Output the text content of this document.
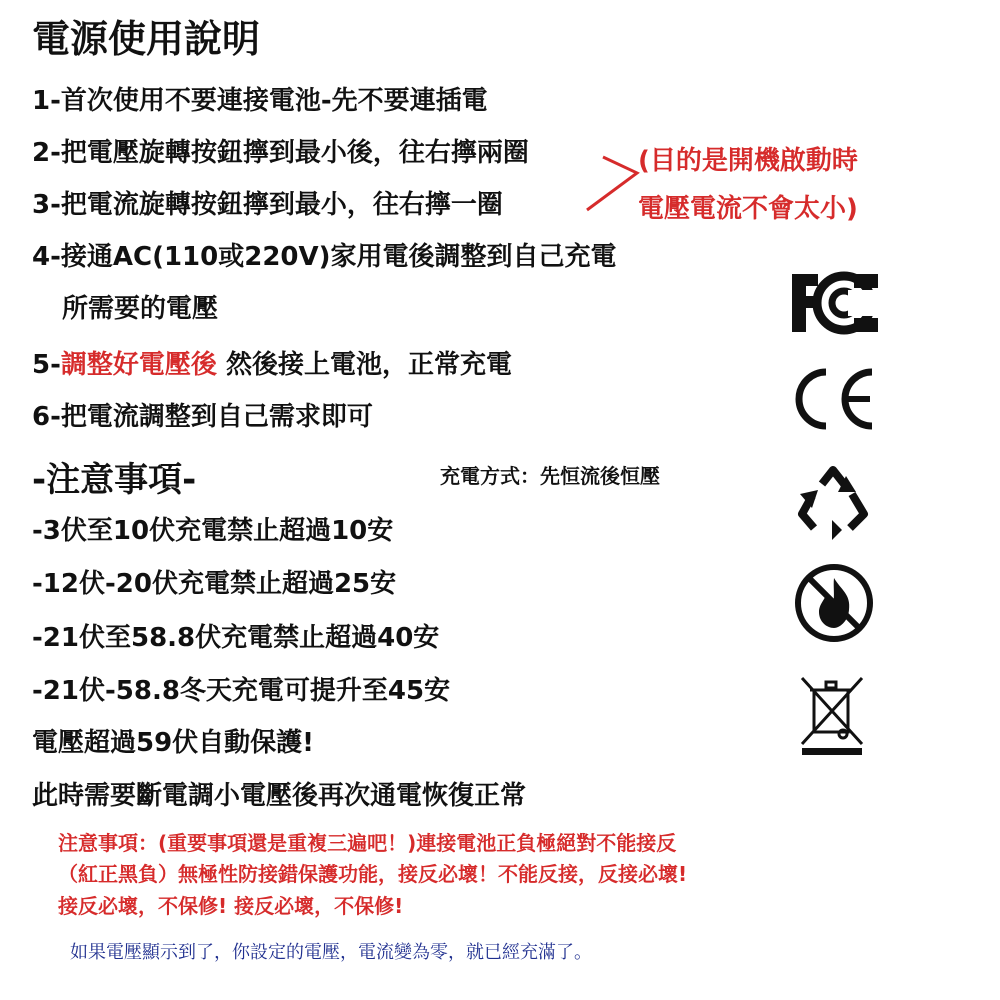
電源使用說明
1-首次使用不要連接電池-先不要連插電
2-把電壓旋轉按鈕擰到最小後，往右擰兩圈
3-把電流旋轉按鈕擰到最小，往右擰一圈
4-接通AC(110或220V)家用電後調整到自己充電
所需要的電壓
5-調整好電壓後 然後接上電池，正常充電
6-把電流調整到自己需求即可
(目的是開機啟動時
電壓電流不會太小)
充電方式：先恒流後恒壓
-注意事項-
-3伏至10伏充電禁止超過10安
-12伏-20伏充電禁止超過25安
-21伏至58.8伏充電禁止超過40安
-21伏-58.8冬天充電可提升至45安
電壓超過59伏自動保護!
此時需要斷電調小電壓後再次通電恢復正常
注意事項：(重要事項還是重複三遍吧！)連接電池正負極絕對不能接反
（紅正黑負）無極性防接錯保護功能，接反必壞！不能反接，反接必壞!
接反必壞，不保修! 接反必壞，不保修!
如果電壓顯示到了，你設定的電壓，電流變為零，就已經充滿了。
